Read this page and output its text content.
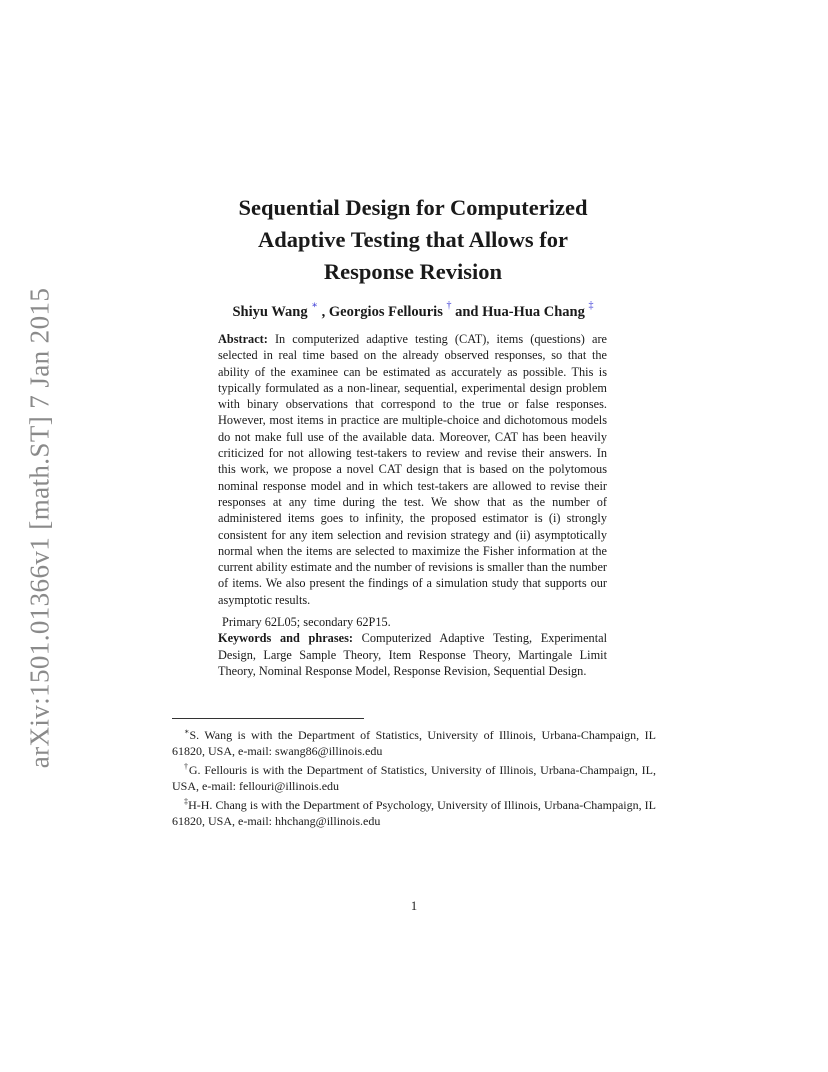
arXiv:1501.01366v1 [math.ST] 7 Jan 2015
Sequential Design for Computerized
Adaptive Testing that Allows for
Response Revision
Shiyu Wang ∗ , Georgios Fellouris † and Hua-Hua Chang ‡

Abstract: In computerized adaptive testing (CAT), items (questions) are selected in real time based on the already observed responses, so that the ability of the examinee can be estimated as accurately as possible. This is typically formulated as a non-linear, sequential, experimental design problem with binary observations that correspond to the true or false responses. However, most items in practice are multiple-choice and dichotomous models do not make full use of the available data. Moreover, CAT has been heavily criticized for not allowing test-takers to review and revise their answers. In this work, we propose a novel CAT design that is based on the polytomous nominal response model and in which test-takers are allowed to revise their responses at any time during the test. We show that as the number of administered items goes to infinity, the proposed estimator is (i) strongly consistent for any item selection and revision strategy and (ii) asymptotically normal when the items are selected to maximize the Fisher information at the current ability estimate and the number of revisions is smaller than the number of items. We also present the findings of a simulation study that supports our asymptotic results.

Primary 62L05; secondary 62P15.

Keywords and phrases: Computerized Adaptive Testing, Experimental Design, Large Sample Theory, Item Response Theory, Martingale Limit Theory, Nominal Response Model, Response Revision, Sequential Design.

∗S. Wang is with the Department of Statistics, University of Illinois, Urbana-Champaign, IL 61820, USA, e-mail: swang86@illinois.edu

†G. Fellouris is with the Department of Statistics, University of Illinois, Urbana-Champaign, IL, USA, e-mail: fellouri@illinois.edu

‡H-H. Chang is with the Department of Psychology, University of Illinois, Urbana-Champaign, IL 61820, USA, e-mail: hhchang@illinois.edu

1
